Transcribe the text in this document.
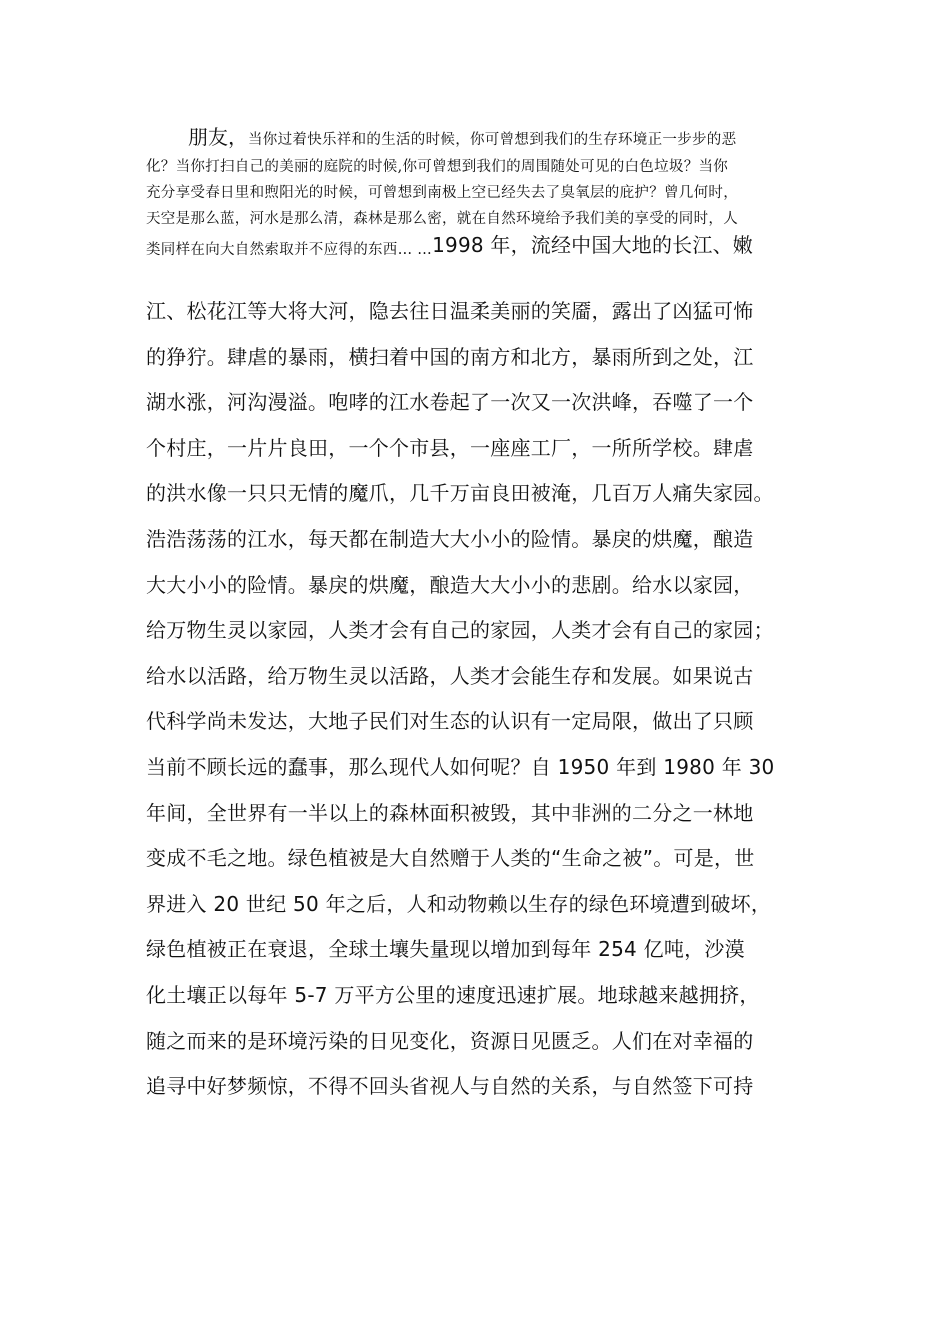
朋友，当你过着快乐祥和的生活的时候，你可曾想到我们的生存环境正一步步的恶
化？当你打扫自己的美丽的庭院的时候,你可曾想到我们的周围随处可见的白色垃圾？当你
充分享受春日里和煦阳光的时候，可曾想到南极上空已经失去了臭氧层的庇护？曾几何时，
天空是那么蓝，河水是那么清，森林是那么密，就在自然环境给予我们美的享受的同时，人
类同样在向大自然索取并不应得的东西… …1998 年，流经中国大地的长江、嫩
江、松花江等大将大河，隐去往日温柔美丽的笑靥，露出了凶猛可怖
的狰狞。肆虐的暴雨，横扫着中国的南方和北方，暴雨所到之处，江
湖水涨，河沟漫溢。咆哮的江水卷起了一次又一次洪峰，吞噬了一个
个村庄，一片片良田，一个个市县，一座座工厂，一所所学校。肆虐
的洪水像一只只无情的魔爪，几千万亩良田被淹，几百万人痛失家园。
浩浩荡荡的江水，每天都在制造大大小小的险情。暴戾的烘魔，酿造
大大小小的险情。暴戾的烘魔，酿造大大小小的悲剧。给水以家园，
给万物生灵以家园，人类才会有自己的家园，人类才会有自己的家园；
给水以活路，给万物生灵以活路，人类才会能生存和发展。如果说古
代科学尚未发达，大地子民们对生态的认识有一定局限，做出了只顾
当前不顾长远的蠢事，那么现代人如何呢？自 1950 年到 1980 年 30
年间，全世界有一半以上的森林面积被毁，其中非洲的二分之一林地
变成不毛之地。绿色植被是大自然赠于人类的“生命之被”。可是，世
界进入 20 世纪 50 年之后，人和动物赖以生存的绿色环境遭到破坏，
绿色植被正在衰退，全球土壤失量现以增加到每年 254 亿吨，沙漠
化土壤正以每年 5-7 万平方公里的速度迅速扩展。地球越来越拥挤，
随之而来的是环境污染的日见变化，资源日见匮乏。人们在对幸福的
追寻中好梦频惊，不得不回头省视人与自然的关系，与自然签下可持
